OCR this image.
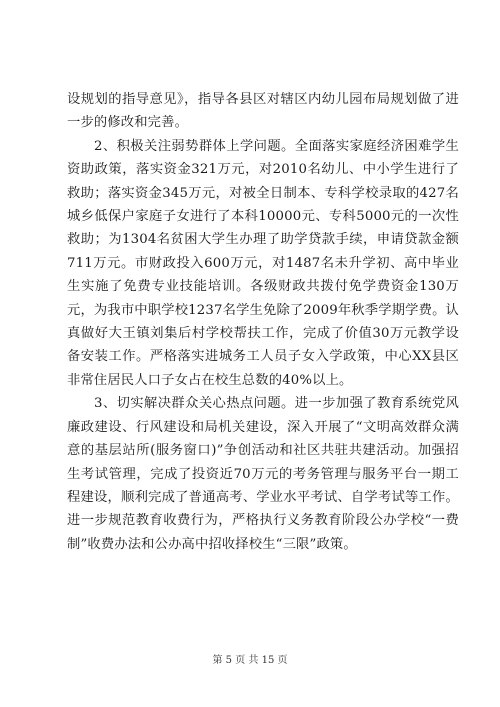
设规划的指导意见》，指导各县区对辖区内幼儿园布局规划做了进一步的修改和完善。

2、积极关注弱势群体上学问题。全面落实家庭经济困难学生资助政策，落实资金321万元，对2010名幼儿、中小学生进行了救助；落实资金345万元，对被全日制本、专科学校录取的427名城乡低保户家庭子女进行了本科10000元、专科5000元的一次性救助；为1304名贫困大学生办理了助学贷款手续，申请贷款金额711万元。市财政投入600万元，对1487名未升学初、高中毕业生实施了免费专业技能培训。各级财政共拨付免学费资金130万元，为我市中职学校1237名学生免除了2009年秋季学期学费。认真做好大王镇刘集后村学校帮扶工作，完成了价值30万元教学设备安装工作。严格落实进城务工人员子女入学政策，中心XX县区非常住居民人口子女占在校生总数的40%以上。

3、切实解决群众关心热点问题。进一步加强了教育系统党风廉政建设、行风建设和局机关建设，深入开展了“文明高效群众满意的基层站所(服务窗口)”争创活动和社区共驻共建活动。加强招生考试管理，完成了投资近70万元的考务管理与服务平台一期工程建设，顺利完成了普通高考、学业水平考试、自学考试等工作。进一步规范教育收费行为，严格执行义务教育阶段公办学校“一费制”收费办法和公办高中招收择校生“三限”政策。

第 5 页 共 15 页
